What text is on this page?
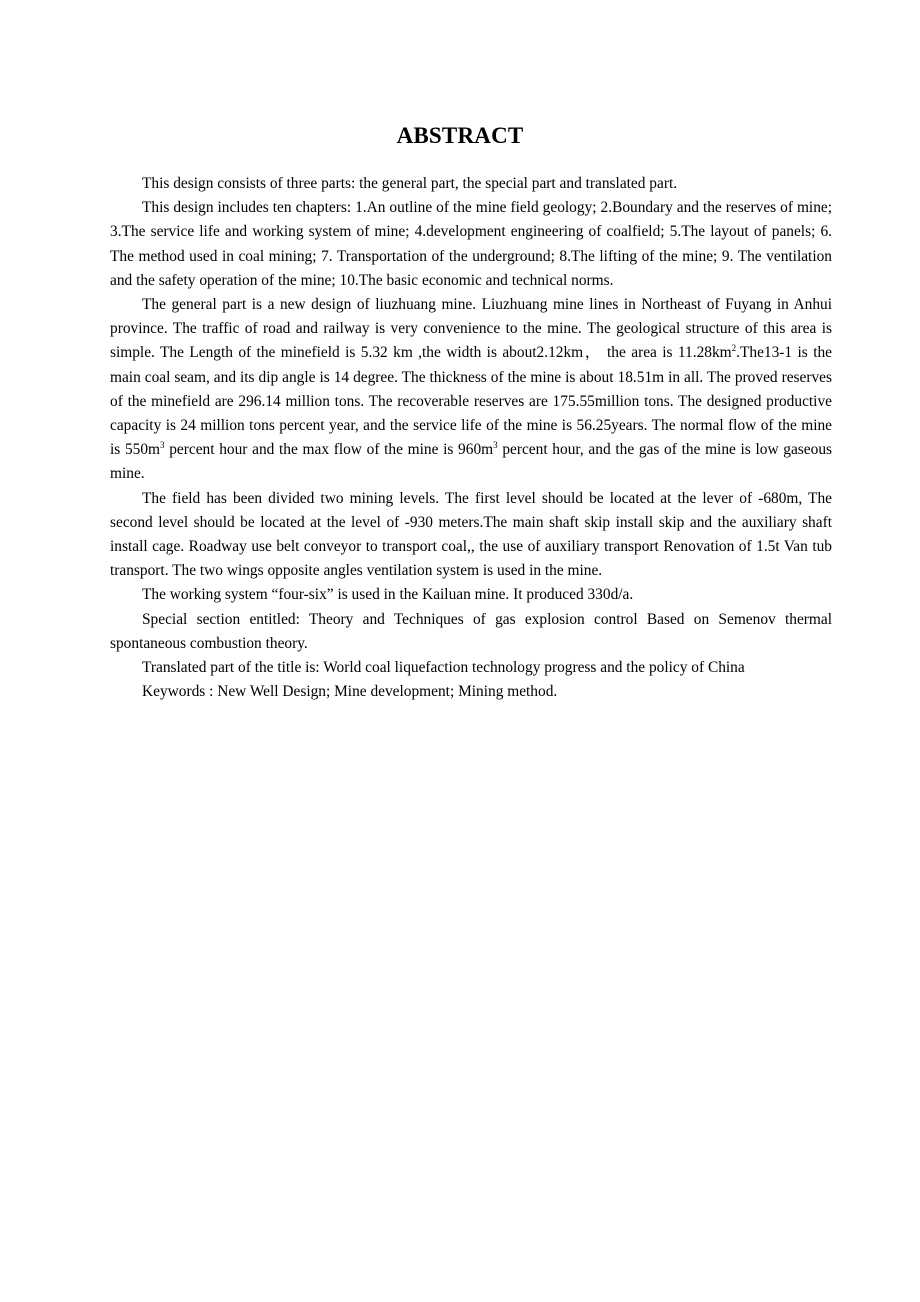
ABSTRACT

This design consists of three parts: the general part, the special part and translated part.

This design includes ten chapters: 1.An outline of the mine field geology; 2.Boundary and the reserves of mine; 3.The service life and working system of mine; 4.development engineering of coalfield; 5.The layout of panels; 6. The method used in coal mining; 7. Transportation of the underground; 8.The lifting of the mine; 9. The ventilation and the safety operation of the mine; 10.The basic economic and technical norms.

The general part is a new design of liuzhuang mine. Liuzhuang mine lines in Northeast of Fuyang in Anhui province. The traffic of road and railway is very convenience to the mine. The geological structure of this area is simple. The Length of the minefield is 5.32 km ,the width is about2.12km， the area is $11.28km^2.The13-1$ is the main coal seam, and its dip angle is 14 degree. The thickness of the mine is about 18.51m in all. The proved reserves of the minefield are 296.14 million tons. The recoverable reserves are 175.55million tons. The designed productive capacity is 24 million tons percent year, and the service life of the mine is 56.25years. The normal flow of the mine is $550m^3$ percent hour and the max flow of the mine is $960m^3$ percent hour, and the gas of the mine is low gaseous mine.

The field has been divided two mining levels. The first level should be located at the lever of -680m, The second level should be located at the level of -930 meters.The main shaft skip install skip and the auxiliary shaft install cage. Roadway use belt conveyor to transport coal,, the use of auxiliary transport Renovation of 1.5t Van tub transport. The two wings opposite angles ventilation system is used in the mine.

The working system “four-six” is used in the Kailuan mine. It produced 330d/a.

Special section entitled: Theory and Techniques of gas explosion control Based on Semenov thermal spontaneous combustion theory.

Translated part of the title is: World coal liquefaction technology progress and the policy of China

Keywords : New Well Design; Mine development; Mining method.
